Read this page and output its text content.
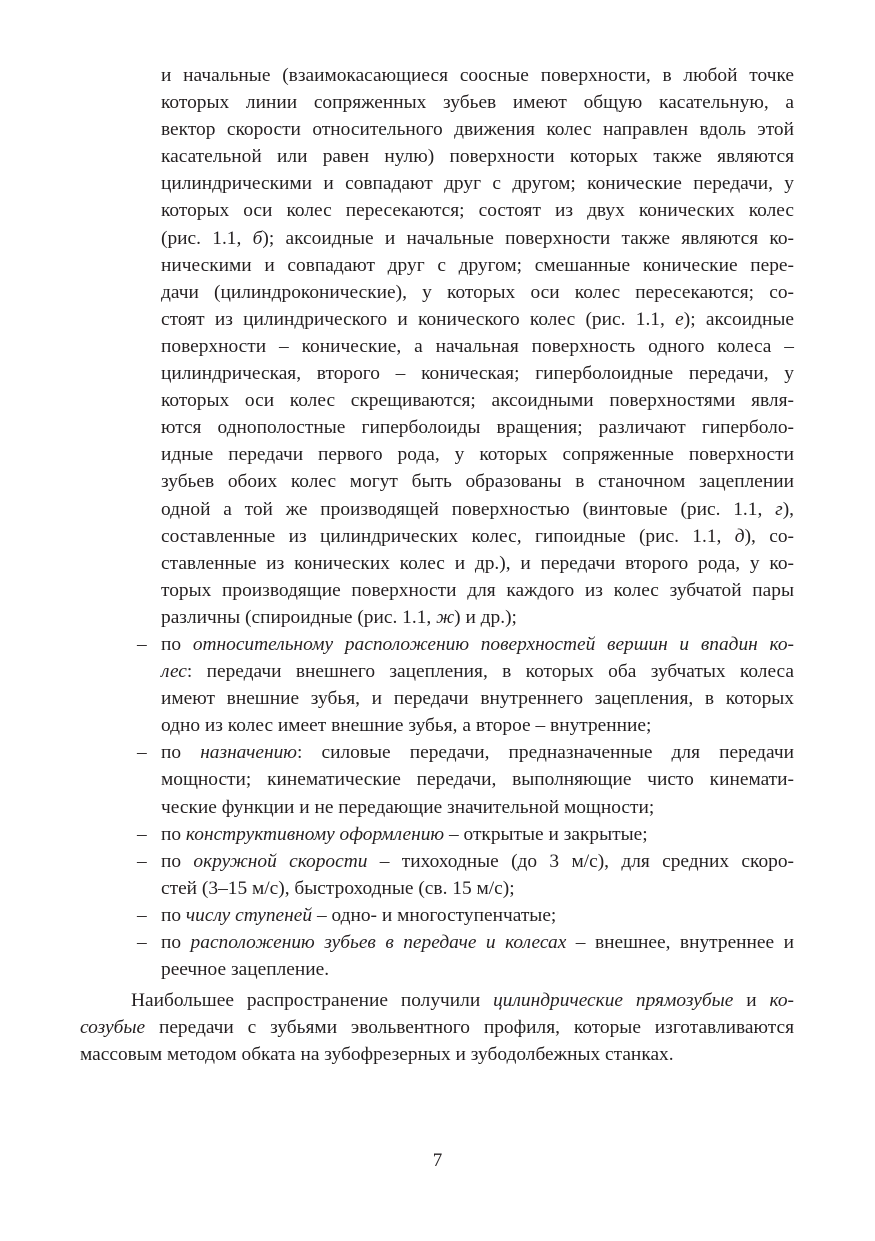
и начальные (взаимокасающиеся соосные поверхности, в любой точке
которых линии сопряженных зубьев имеют общую касательную, а
вектор скорости относительного движения колес направлен вдоль этой
касательной или равен нулю) поверхности которых также являются
цилиндрическими и совпадают друг с другом; конические передачи, у
которых оси колес пересекаются; состоят из двух конических колес
(рис. 1.1, б); аксоидные и начальные поверхности также являются ко-
ническими и совпадают друг с другом; смешанные конические пере-
дачи (цилиндроконические), у которых оси колес пересекаются; со-
стоят из цилиндрического и конического колес (рис. 1.1, е); аксоидные
поверхности – конические, а начальная поверхность одного колеса –
цилиндрическая, второго – коническая; гиперболоидные передачи, у
которых оси колес скрещиваются; аксоидными поверхностями явля-
ются однополостные гиперболоиды вращения; различают гиперболо-
идные передачи первого рода, у которых сопряженные поверхности
зубьев обоих колес могут быть образованы в станочном зацеплении
одной а той же производящей поверхностью (винтовые (рис. 1.1, г),
составленные из цилиндрических колес, гипоидные (рис. 1.1, д), со-
ставленные из конических колес и др.), и передачи второго рода, у ко-
торых производящие поверхности для каждого из колес зубчатой пары
различны (спироидные (рис. 1.1, ж) и др.);
– по относительному расположению поверхностей вершин и впадин ко-
лес: передачи внешнего зацепления, в которых оба зубчатых колеса
имеют внешние зубья, и передачи внутреннего зацепления, в которых
одно из колес имеет внешние зубья, а второе – внутренние;
– по назначению: силовые передачи, предназначенные для передачи
мощности; кинематические передачи, выполняющие чисто кинемати-
ческие функции и не передающие значительной мощности;
– по конструктивному оформлению – открытые и закрытые;
– по окружной скорости – тихоходные (до 3 м/с), для средних скоро-
стей (3–15 м/с), быстроходные (св. 15 м/с);
– по числу ступеней – одно- и многоступенчатые;
– по расположению зубьев в передаче и колесах – внешнее, внутреннее и
реечное зацепление.
Наибольшее распространение получили цилиндрические прямозубые и ко-
созубые передачи с зубьями эвольвентного профиля, которые изготавливаются
массовым методом обката на зубофрезерных и зубодолбежных станках.
7
